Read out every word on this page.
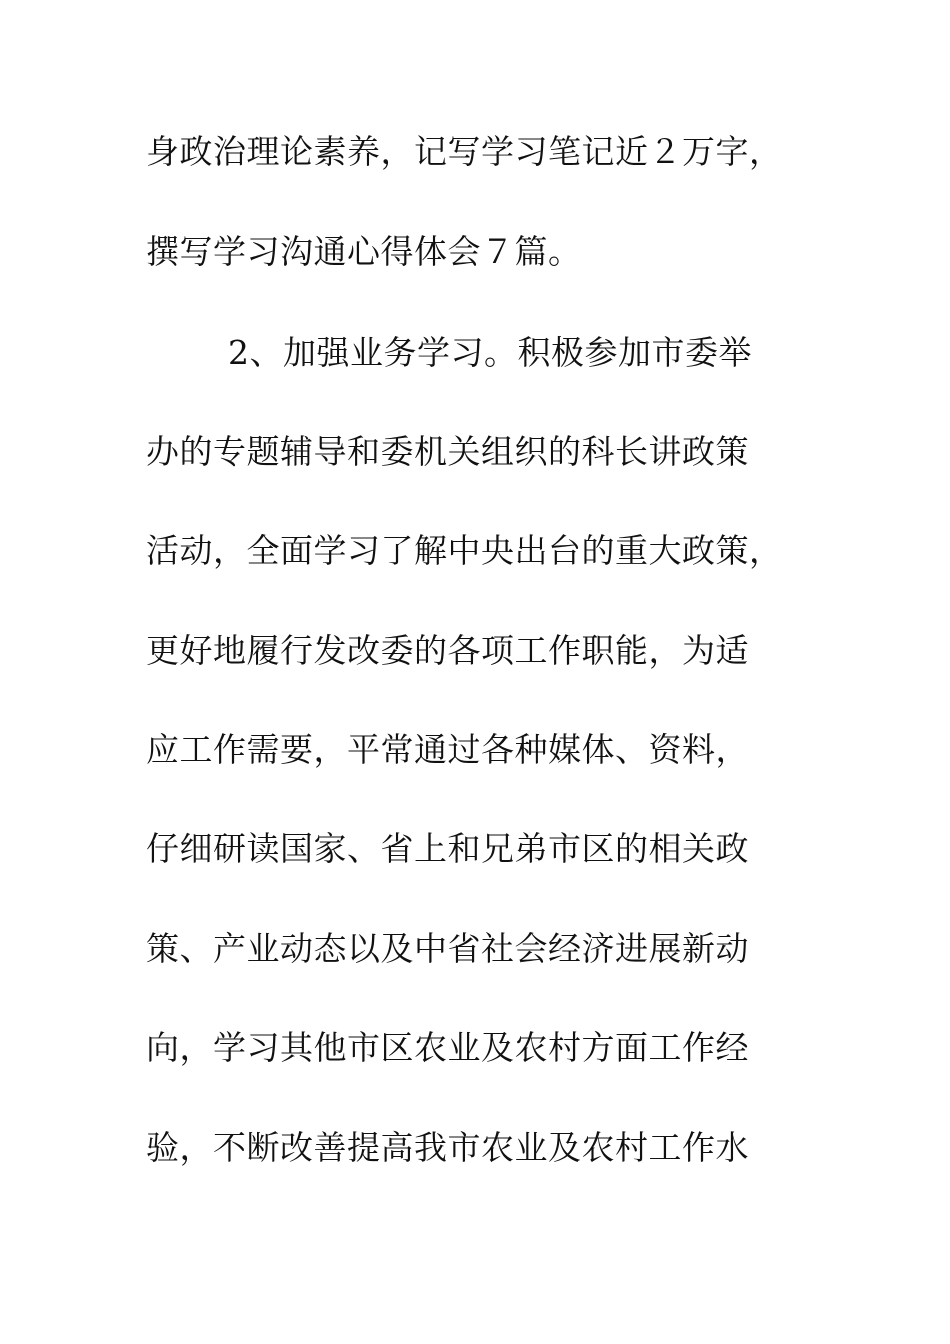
身政治理论素养，记写学习笔记近２万字，
撰写学习沟通心得体会７篇。
2、加强业务学习。积极参加市委举
办的专题辅导和委机关组织的科长讲政策
活动，全面学习了解中央出台的重大政策，
更好地履行发改委的各项工作职能，为适
应工作需要，平常通过各种媒体、资料，
仔细研读国家、省上和兄弟市区的相关政
策、产业动态以及中省社会经济进展新动
向，学习其他市区农业及农村方面工作经
验，不断改善提高我市农业及农村工作水
